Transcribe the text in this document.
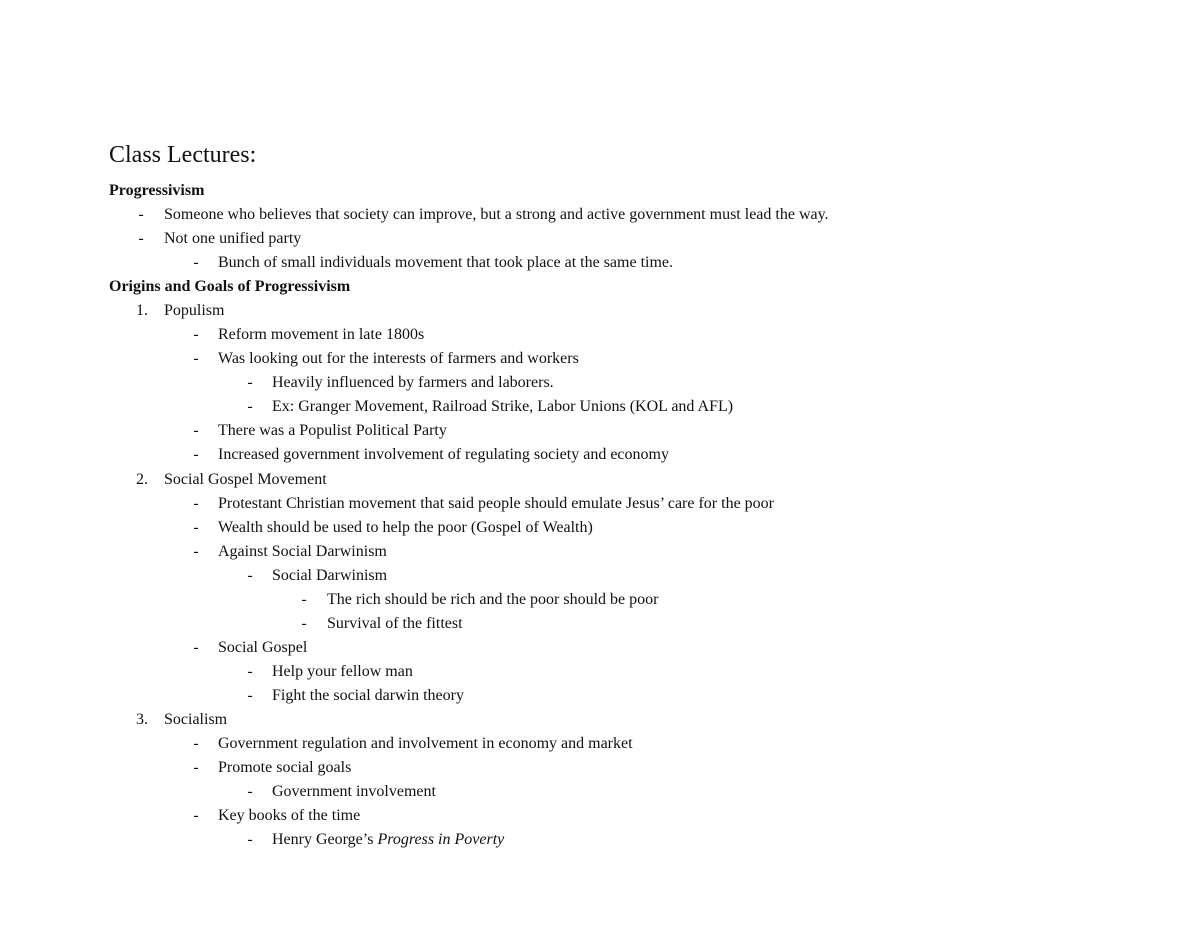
Class Lectures:
Progressivism
-	Someone who believes that society can improve, but a strong and active government must lead the way.
-	Not one unified party
-	Bunch of small individuals movement that took place at the same time.
Origins and Goals of Progressivism
1. Populism
-	Reform movement in late 1800s
-	Was looking out for the interests of farmers and workers
-	Heavily influenced by farmers and laborers.
-	Ex: Granger Movement, Railroad Strike, Labor Unions (KOL and AFL)
-	There was a Populist Political Party
-	Increased government involvement of regulating society and economy
2. Social Gospel Movement
-	Protestant Christian movement that said people should emulate Jesus’ care for the poor
-	Wealth should be used to help the poor (Gospel of Wealth)
-	Against Social Darwinism
-	Social Darwinism
-	The rich should be rich and the poor should be poor
-	Survival of the fittest
-	Social Gospel
-	Help your fellow man
-	Fight the social darwin theory
3. Socialism
-	Government regulation and involvement in economy and market
-	Promote social goals
-	Government involvement
-	Key books of the time
-	Henry George’s Progress in Poverty
